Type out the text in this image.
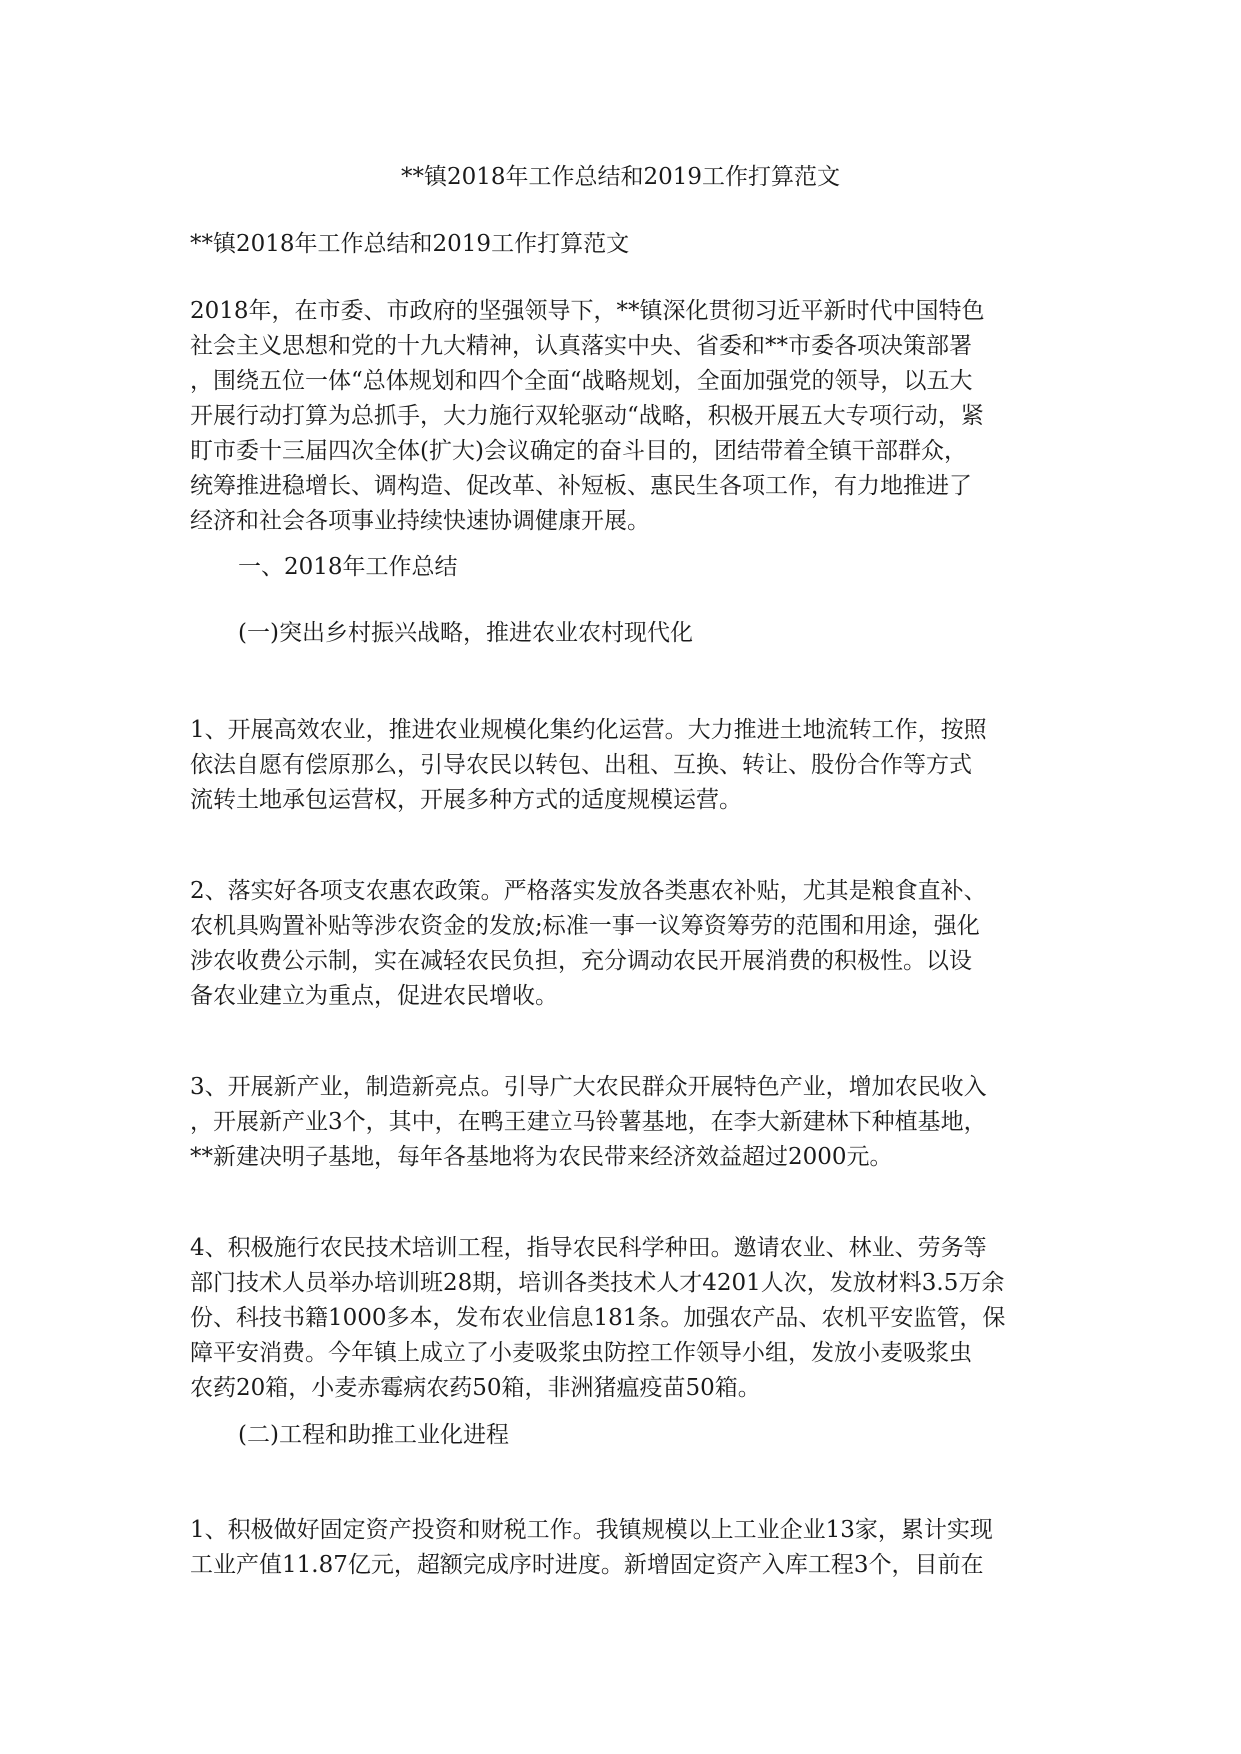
**镇2018年工作总结和2019工作打算范文
**镇2018年工作总结和2019工作打算范文
2018年，在市委、市政府的坚强领导下，**镇深化贯彻习近平新时代中国特色
社会主义思想和党的十九大精神，认真落实中央、省委和**市委各项决策部署
，围绕五位一体“总体规划和四个全面“战略规划，全面加强党的领导，以五大
开展行动打算为总抓手，大力施行双轮驱动“战略，积极开展五大专项行动，紧
盯市委十三届四次全体(扩大)会议确定的奋斗目的，团结带着全镇干部群众，
统筹推进稳增长、调构造、促改革、补短板、惠民生各项工作，有力地推进了
经济和社会各项事业持续快速协调健康开展。
一、2018年工作总结
(一)突出乡村振兴战略，推进农业农村现代化
1、开展高效农业，推进农业规模化集约化运营。大力推进土地流转工作，按照
依法自愿有偿原那么，引导农民以转包、出租、互换、转让、股份合作等方式
流转土地承包运营权，开展多种方式的适度规模运营。
2、落实好各项支农惠农政策。严格落实发放各类惠农补贴，尤其是粮食直补、
农机具购置补贴等涉农资金的发放;标准一事一议筹资筹劳的范围和用途，强化
涉农收费公示制，实在减轻农民负担，充分调动农民开展消费的积极性。以设
备农业建立为重点，促进农民增收。
3、开展新产业，制造新亮点。引导广大农民群众开展特色产业，增加农民收入
，开展新产业3个，其中，在鸭王建立马铃薯基地，在李大新建林下种植基地，
**新建决明子基地，每年各基地将为农民带来经济效益超过2000元。
4、积极施行农民技术培训工程，指导农民科学种田。邀请农业、林业、劳务等
部门技术人员举办培训班28期，培训各类技术人才4201人次，发放材料3.5万余
份、科技书籍1000多本，发布农业信息181条。加强农产品、农机平安监管，保
障平安消费。今年镇上成立了小麦吸浆虫防控工作领导小组，发放小麦吸浆虫
农药20箱，小麦赤霉病农药50箱，非洲猪瘟疫苗50箱。
(二)工程和助推工业化进程
1、积极做好固定资产投资和财税工作。我镇规模以上工业企业13家，累计实现
工业产值11.87亿元，超额完成序时进度。新增固定资产入库工程3个，目前在
